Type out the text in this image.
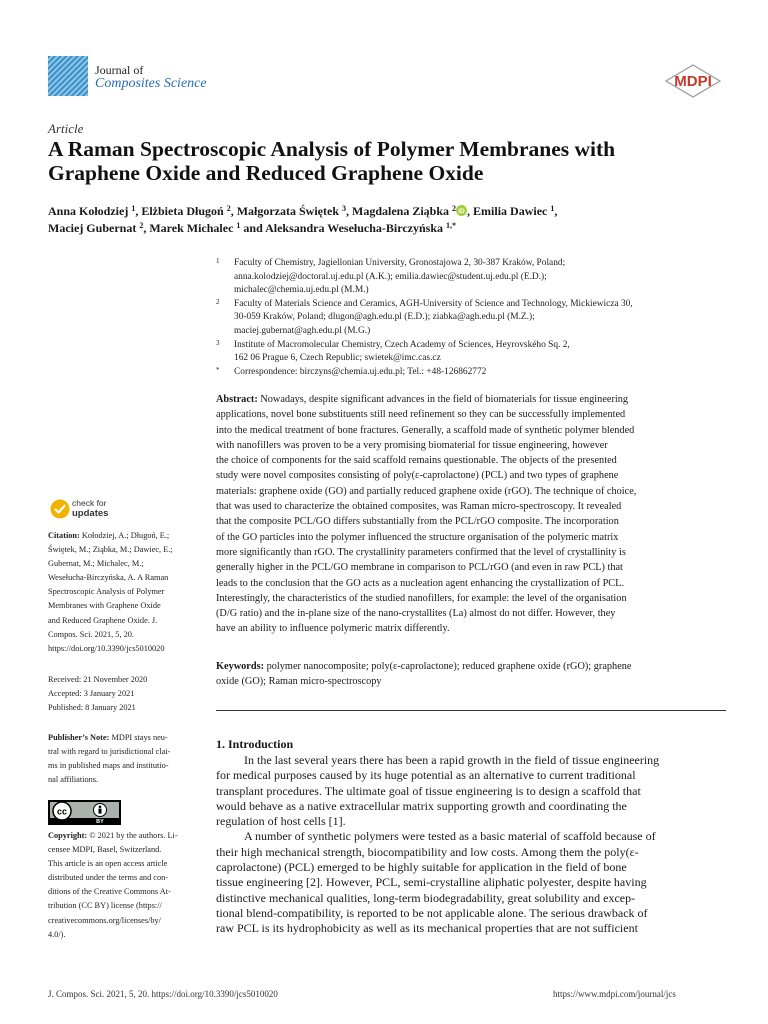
Journal of
Composites Science	MDPI
Article
A Raman Spectroscopic Analysis of Polymer Membranes with
Graphene Oxide and Reduced Graphene Oxide
Anna Kołodziej $^1$, Elżbieta Długoń $^2$, Małgorzata Świętek $^3$, Magdalena Ziąbka $^2$ iD , Emilia Dawiec $^1$,
Maciej Gubernat $^2$, Marek Michalec $^1$ and Aleksandra Wesełucha-Birczyńska $^{1,*}$
1 Faculty of Chemistry, Jagiellonian University, Gronostajowa 2, 30-387 Kraków, Poland;
anna.kolodziej@doctoral.uj.edu.pl (A.K.); emilia.dawiec@student.uj.edu.pl (E.D.);
michalec@chemia.uj.edu.pl (M.M.)
2 Faculty of Materials Science and Ceramics, AGH-University of Science and Technology, Mickiewicza 30,
30-059 Kraków, Poland; dlugon@agh.edu.pl (E.D.); ziabka@agh.edu.pl (M.Z.);
maciej.gubernat@agh.edu.pl (M.G.)
3 Institute of Macromolecular Chemistry, Czech Academy of Sciences, Heyrovského Sq. 2,
162 06 Prague 6, Czech Republic; swietek@imc.cas.cz
* Correspondence: birczyns@chemia.uj.edu.pl; Tel.: +48-126862772
Abstract: Nowadays, despite significant advances in the field of biomaterials for tissue engineering
applications, novel bone substituents still need refinement so they can be successfully implemented
into the medical treatment of bone fractures. Generally, a scaffold made of synthetic polymer blended
with nanofillers was proven to be a very promising biomaterial for tissue engineering, however
the choice of components for the said scaffold remains questionable. The objects of the presented
study were novel composites consisting of poly(ε-caprolactone) (PCL) and two types of graphene
materials: graphene oxide (GO) and partially reduced graphene oxide (rGO). The technique of choice,
that was used to characterize the obtained composites, was Raman micro-spectroscopy. It revealed
that the composite PCL/GO differs substantially from the PCL/rGO composite. The incorporation
of the GO particles into the polymer influenced the structure organisation of the polymeric matrix
more significantly than rGO. The crystallinity parameters confirmed that the level of crystallinity is
generally higher in the PCL/GO membrane in comparison to PCL/rGO (and even in raw PCL) that
leads to the conclusion that the GO acts as a nucleation agent enhancing the crystallization of PCL.
Interestingly, the characteristics of the studied nanofillers, for example: the level of the organisation
(D/G ratio) and the in-plane size of the nano-crystallites (La) almost do not differ. However, they
have an ability to influence polymeric matrix differently.
Keywords: polymer nanocomposite; poly(ε-caprolactone); reduced graphene oxide (rGO); graphene
oxide (GO); Raman micro-spectroscopy
check for
updates
Citation: Kołodziej, A.; Długoń, E.;
Świętek, M.; Ziąbka, M.; Dawiec, E.;
Gubernat, M.; Michalec, M.;
Wesełucha-Birczyńska, A. A Raman
Spectroscopic Analysis of Polymer
Membranes with Graphene Oxide
and Reduced Graphene Oxide. J.
Compos. Sci. 2021, 5, 20.
https://doi.org/10.3390/jcs5010020
Received: 21 November 2020
Accepted: 3 January 2021
Published: 8 January 2021
Publisher’s Note: MDPI stays neu-
tral with regard to jurisdictional clai-
ms in published maps and institutio-
nal affiliations.
cc
BY
Copyright: © 2021 by the authors. Li-
censee MDPI, Basel, Switzerland.
This article is an open access article
distributed under the terms and con-
ditions of the Creative Commons At-
tribution (CC BY) license (https://
creativecommons.org/licenses/by/
4.0/).
1. Introduction
In the last several years there has been a rapid growth in the field of tissue engineering
for medical purposes caused by its huge potential as an alternative to current traditional
transplant procedures. The ultimate goal of tissue engineering is to design a scaffold that
would behave as a native extracellular matrix supporting growth and coordinating the
regulation of host cells [1].
A number of synthetic polymers were tested as a basic material of scaffold because of
their high mechanical strength, biocompatibility and low costs. Among them the poly(ε-
caprolactone) (PCL) emerged to be highly suitable for application in the field of bone
tissue engineering [2]. However, PCL, semi-crystalline aliphatic polyester, despite having
distinctive mechanical qualities, long-term biodegradability, great solubility and excep-
tional blend-compatibility, is reported to be not applicable alone. The serious drawback of
raw PCL is its hydrophobicity as well as its mechanical properties that are not sufficient
J. Compos. Sci. 2021, 5, 20. https://doi.org/10.3390/jcs5010020	https://www.mdpi.com/journal/jcs
